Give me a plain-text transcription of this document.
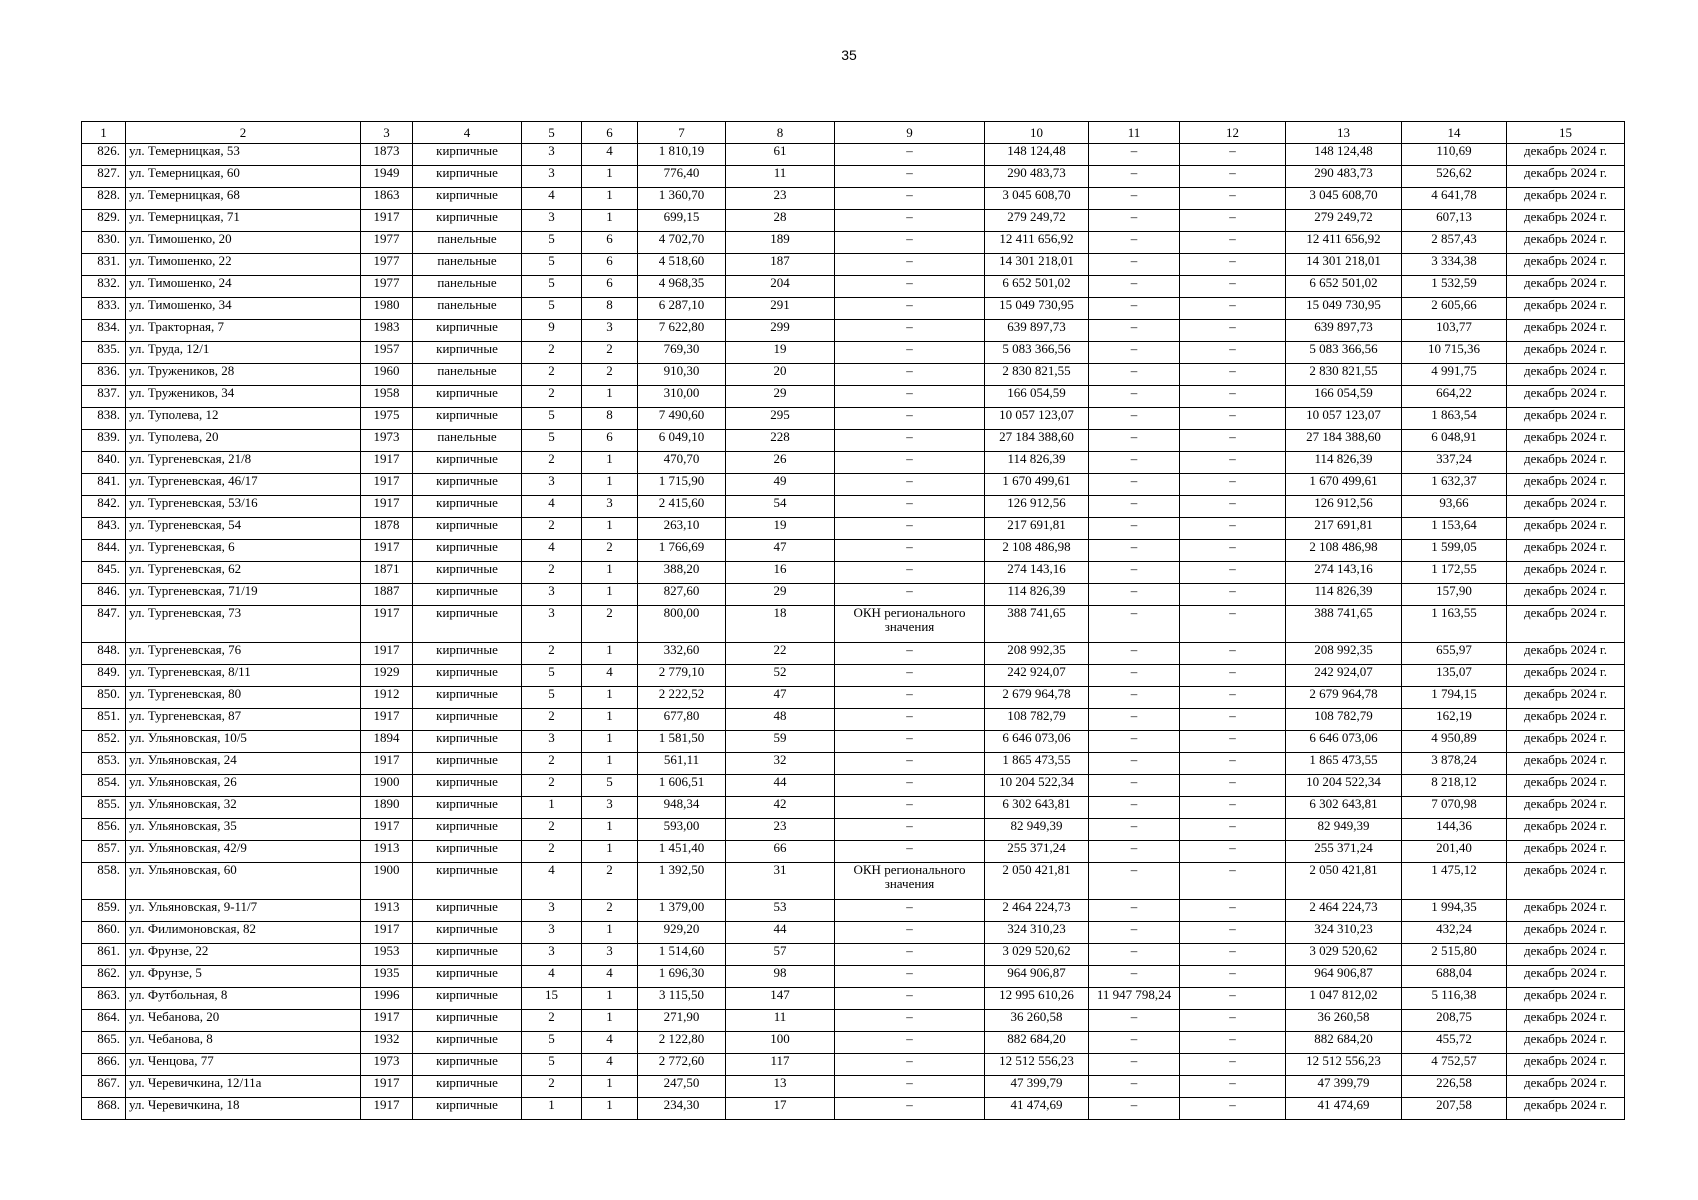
35
1	2	3	4	5	6	7	8	9	10	11	12	13	14	15
826.	ул. Темерницкая, 53	1873	кирпичные	3	4	1 810,19	61	–	148 124,48	–	–	148 124,48	110,69	декабрь 2024 г.
827.	ул. Темерницкая, 60	1949	кирпичные	3	1	776,40	11	–	290 483,73	–	–	290 483,73	526,62	декабрь 2024 г.
828.	ул. Темерницкая, 68	1863	кирпичные	4	1	1 360,70	23	–	3 045 608,70	–	–	3 045 608,70	4 641,78	декабрь 2024 г.
829.	ул. Темерницкая, 71	1917	кирпичные	3	1	699,15	28	–	279 249,72	–	–	279 249,72	607,13	декабрь 2024 г.
830.	ул. Тимошенко, 20	1977	панельные	5	6	4 702,70	189	–	12 411 656,92	–	–	12 411 656,92	2 857,43	декабрь 2024 г.
831.	ул. Тимошенко, 22	1977	панельные	5	6	4 518,60	187	–	14 301 218,01	–	–	14 301 218,01	3 334,38	декабрь 2024 г.
832.	ул. Тимошенко, 24	1977	панельные	5	6	4 968,35	204	–	6 652 501,02	–	–	6 652 501,02	1 532,59	декабрь 2024 г.
833.	ул. Тимошенко, 34	1980	панельные	5	8	6 287,10	291	–	15 049 730,95	–	–	15 049 730,95	2 605,66	декабрь 2024 г.
834.	ул. Тракторная, 7	1983	кирпичные	9	3	7 622,80	299	–	639 897,73	–	–	639 897,73	103,77	декабрь 2024 г.
835.	ул. Труда, 12/1	1957	кирпичные	2	2	769,30	19	–	5 083 366,56	–	–	5 083 366,56	10 715,36	декабрь 2024 г.
836.	ул. Тружеников, 28	1960	панельные	2	2	910,30	20	–	2 830 821,55	–	–	2 830 821,55	4 991,75	декабрь 2024 г.
837.	ул. Тружеников, 34	1958	кирпичные	2	1	310,00	29	–	166 054,59	–	–	166 054,59	664,22	декабрь 2024 г.
838.	ул. Туполева, 12	1975	кирпичные	5	8	7 490,60	295	–	10 057 123,07	–	–	10 057 123,07	1 863,54	декабрь 2024 г.
839.	ул. Туполева, 20	1973	панельные	5	6	6 049,10	228	–	27 184 388,60	–	–	27 184 388,60	6 048,91	декабрь 2024 г.
840.	ул. Тургеневская, 21/8	1917	кирпичные	2	1	470,70	26	–	114 826,39	–	–	114 826,39	337,24	декабрь 2024 г.
841.	ул. Тургеневская, 46/17	1917	кирпичные	3	1	1 715,90	49	–	1 670 499,61	–	–	1 670 499,61	1 632,37	декабрь 2024 г.
842.	ул. Тургеневская, 53/16	1917	кирпичные	4	3	2 415,60	54	–	126 912,56	–	–	126 912,56	93,66	декабрь 2024 г.
843.	ул. Тургеневская, 54	1878	кирпичные	2	1	263,10	19	–	217 691,81	–	–	217 691,81	1 153,64	декабрь 2024 г.
844.	ул. Тургеневская, 6	1917	кирпичные	4	2	1 766,69	47	–	2 108 486,98	–	–	2 108 486,98	1 599,05	декабрь 2024 г.
845.	ул. Тургеневская, 62	1871	кирпичные	2	1	388,20	16	–	274 143,16	–	–	274 143,16	1 172,55	декабрь 2024 г.
846.	ул. Тургеневская, 71/19	1887	кирпичные	3	1	827,60	29	–	114 826,39	–	–	114 826,39	157,90	декабрь 2024 г.
847.	ул. Тургеневская, 73	1917	кирпичные	3	2	800,00	18	ОКН регионального значения	388 741,65	–	–	388 741,65	1 163,55	декабрь 2024 г.
848.	ул. Тургеневская, 76	1917	кирпичные	2	1	332,60	22	–	208 992,35	–	–	208 992,35	655,97	декабрь 2024 г.
849.	ул. Тургеневская, 8/11	1929	кирпичные	5	4	2 779,10	52	–	242 924,07	–	–	242 924,07	135,07	декабрь 2024 г.
850.	ул. Тургеневская, 80	1912	кирпичные	5	1	2 222,52	47	–	2 679 964,78	–	–	2 679 964,78	1 794,15	декабрь 2024 г.
851.	ул. Тургеневская, 87	1917	кирпичные	2	1	677,80	48	–	108 782,79	–	–	108 782,79	162,19	декабрь 2024 г.
852.	ул. Ульяновская, 10/5	1894	кирпичные	3	1	1 581,50	59	–	6 646 073,06	–	–	6 646 073,06	4 950,89	декабрь 2024 г.
853.	ул. Ульяновская, 24	1917	кирпичные	2	1	561,11	32	–	1 865 473,55	–	–	1 865 473,55	3 878,24	декабрь 2024 г.
854.	ул. Ульяновская, 26	1900	кирпичные	2	5	1 606,51	44	–	10 204 522,34	–	–	10 204 522,34	8 218,12	декабрь 2024 г.
855.	ул. Ульяновская, 32	1890	кирпичные	1	3	948,34	42	–	6 302 643,81	–	–	6 302 643,81	7 070,98	декабрь 2024 г.
856.	ул. Ульяновская, 35	1917	кирпичные	2	1	593,00	23	–	82 949,39	–	–	82 949,39	144,36	декабрь 2024 г.
857.	ул. Ульяновская, 42/9	1913	кирпичные	2	1	1 451,40	66	–	255 371,24	–	–	255 371,24	201,40	декабрь 2024 г.
858.	ул. Ульяновская, 60	1900	кирпичные	4	2	1 392,50	31	ОКН регионального значения	2 050 421,81	–	–	2 050 421,81	1 475,12	декабрь 2024 г.
859.	ул. Ульяновская, 9-11/7	1913	кирпичные	3	2	1 379,00	53	–	2 464 224,73	–	–	2 464 224,73	1 994,35	декабрь 2024 г.
860.	ул. Филимоновская, 82	1917	кирпичные	3	1	929,20	44	–	324 310,23	–	–	324 310,23	432,24	декабрь 2024 г.
861.	ул. Фрунзе, 22	1953	кирпичные	3	3	1 514,60	57	–	3 029 520,62	–	–	3 029 520,62	2 515,80	декабрь 2024 г.
862.	ул. Фрунзе, 5	1935	кирпичные	4	4	1 696,30	98	–	964 906,87	–	–	964 906,87	688,04	декабрь 2024 г.
863.	ул. Футбольная, 8	1996	кирпичные	15	1	3 115,50	147	–	12 995 610,26	11 947 798,24	–	1 047 812,02	5 116,38	декабрь 2024 г.
864.	ул. Чебанова, 20	1917	кирпичные	2	1	271,90	11	–	36 260,58	–	–	36 260,58	208,75	декабрь 2024 г.
865.	ул. Чебанова, 8	1932	кирпичные	5	4	2 122,80	100	–	882 684,20	–	–	882 684,20	455,72	декабрь 2024 г.
866.	ул. Ченцова, 77	1973	кирпичные	5	4	2 772,60	117	–	12 512 556,23	–	–	12 512 556,23	4 752,57	декабрь 2024 г.
867.	ул. Черевичкина, 12/11а	1917	кирпичные	2	1	247,50	13	–	47 399,79	–	–	47 399,79	226,58	декабрь 2024 г.
868.	ул. Черевичкина, 18	1917	кирпичные	1	1	234,30	17	–	41 474,69	–	–	41 474,69	207,58	декабрь 2024 г.
